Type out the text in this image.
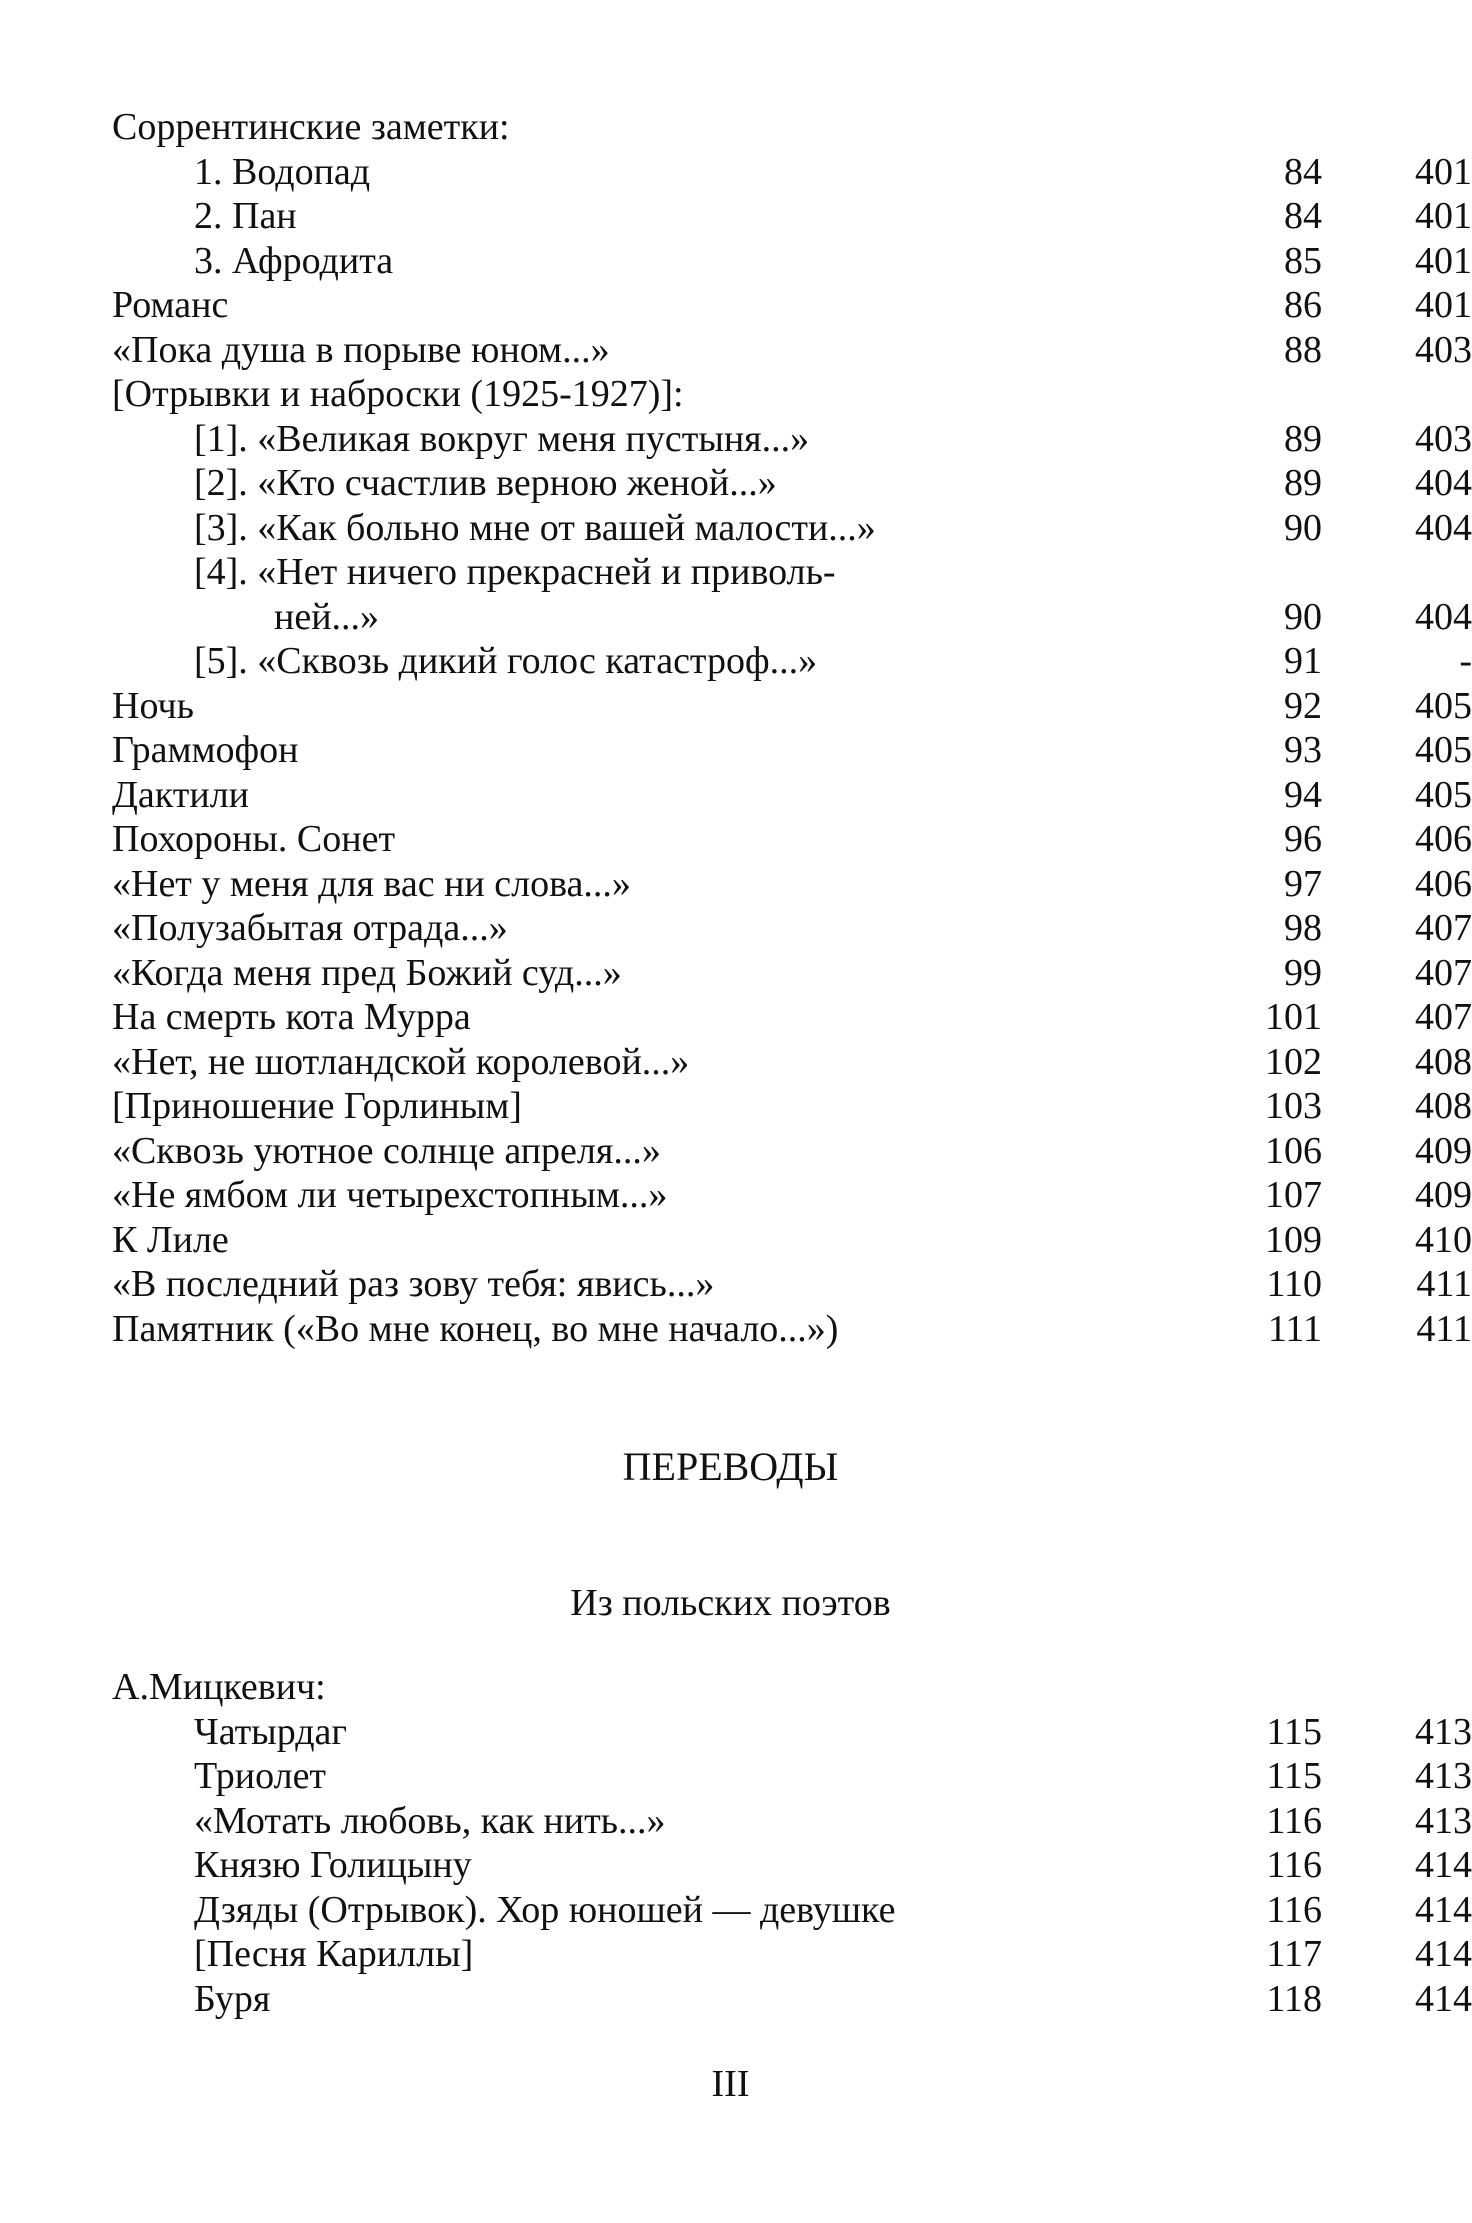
Соррентинские заметки:
1. Водопад	84	401
2. Пан	84	401
3. Афродита	85	401
Романс	86	401
«Пока душа в порыве юном...»	88	403
[Отрывки и наброски (1925-1927)]:
[1]. «Великая вокруг меня пустыня...»	89	403
[2]. «Кто счастлив верною женой...»	89	404
[3]. «Как больно мне от вашей малости...»	90	404
[4]. «Нет ничего прекрасней и приволь-
ней...»	90	404
[5]. «Сквозь дикий голос катастроф...»	91	-
Ночь	92	405
Граммофон	93	405
Дактили	94	405
Похороны. Сонет	96	406
«Нет у меня для вас ни слова...»	97	406
«Полузабытая отрада...»	98	407
«Когда меня пред Божий суд...»	99	407
На смерть кота Мурра	101	407
«Нет, не шотландской королевой...»	102	408
[Приношение Горлиным]	103	408
«Сквозь уютное солнце апреля...»	106	409
«Не ямбом ли четырехстопным...»	107	409
К Лиле	109	410
«В последний раз зову тебя: явись...»	110	411
Памятник («Во мне конец, во мне начало...»)	111	411
ПЕРЕВОДЫ
Из польских поэтов
А.Мицкевич:
Чатырдаг	115	413
Триолет	115	413
«Мотать любовь, как нить...»	116	413
Князю Голицыну	116	414
Дзяды (Отрывок). Хор юношей — девушке	116	414
[Песня Кариллы]	117	414
Буря	118	414
III
